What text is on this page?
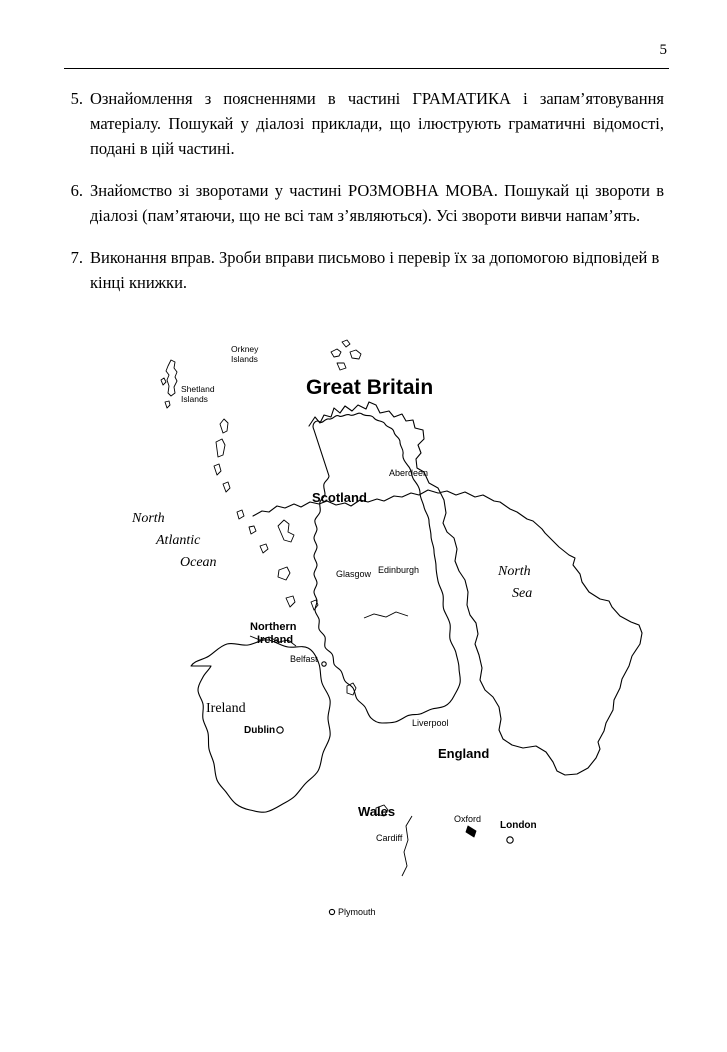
5
5. Ознайомлення з поясненнями в частині ГРАМАТИКА і запам’ятовування матеріалу. Пошукай у діалозі приклади, що ілюструють граматичні відомості, подані в цій частині.
6. Знайомство зі зворотами у частині РОЗМОВНА МОВА. Пошукай ці звороти в діалозі (пам’ятаючи, що не всі там з’являються). Усі звороти вивчи напам’ять.
7. Виконання вправ. Зроби вправи письмово і перевір їх за допомогою відповідей в кінці книжки.
Great Britain
Orkney
Islands
Shetland
Islands
Scotland
England
Wales
Northern
Ireland
Ireland
North
Atlantic
Ocean
North
Sea
Aberdeen
Glasgow Edinburgh
Belfast
Dublin
Liverpool
Oxford
London
Cardiff
Plymouth
